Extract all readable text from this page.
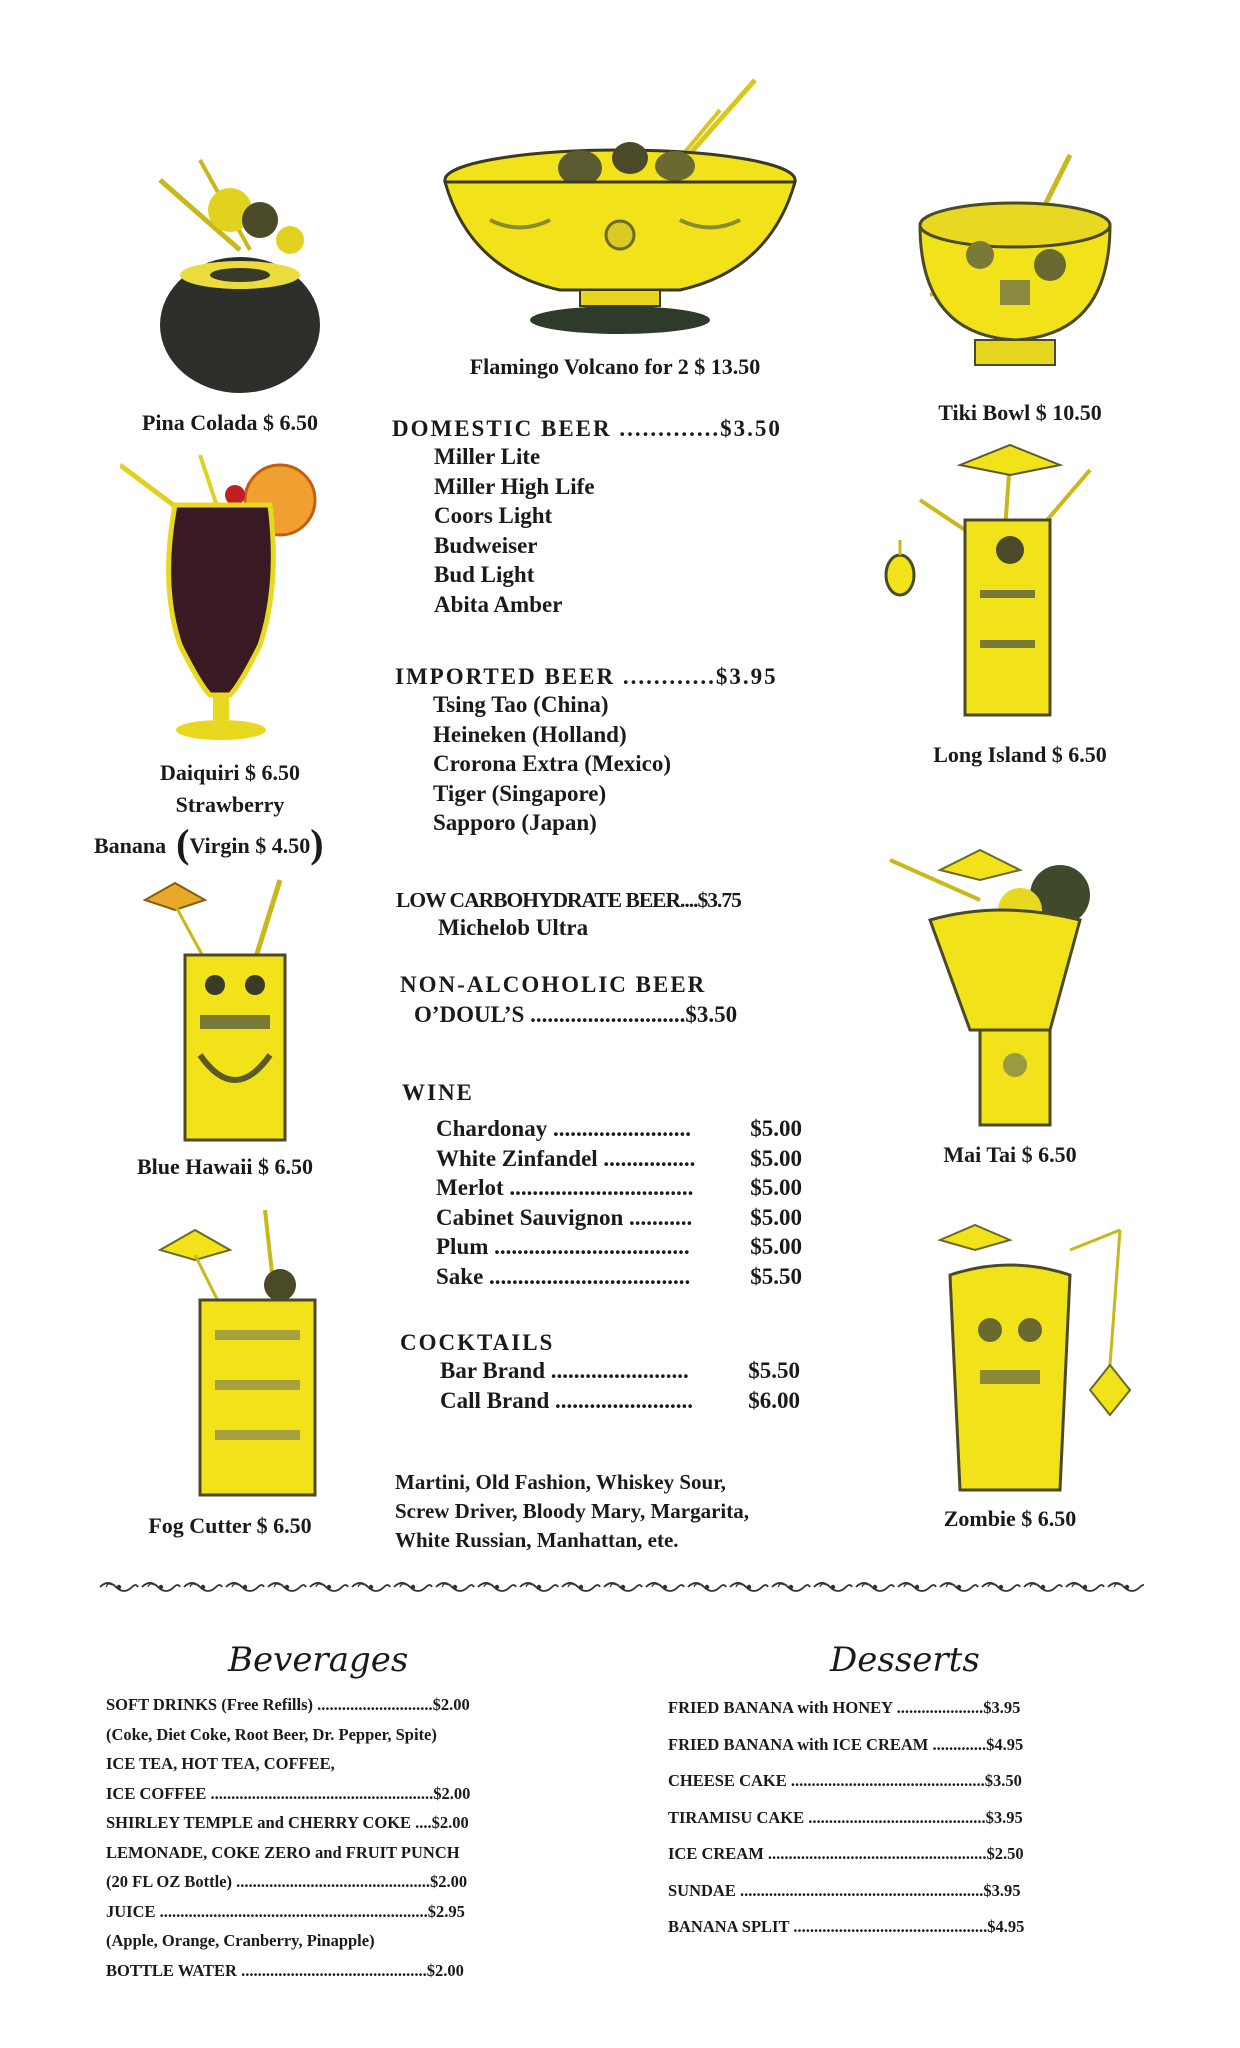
Flamingo Volcano for 2 $ 13.50
Pina Colada $ 6.50	Tiki Bowl $ 10.50
Daiquiri $ 6.50
Strawberry
Banana (Virgin $ 4.50)
Long Island $ 6.50
Blue Hawaii $ 6.50	Mai Tai $ 6.50
Fog Cutter $ 6.50	Zombie $ 6.50
DOMESTIC BEER .............$3.50
Miller Lite
Miller High Life
Coors Light
Budweiser
Bud Light
Abita Amber
IMPORTED BEER ............$3.95
Tsing Tao (China)
Heineken (Holland)
Crorona Extra (Mexico)
Tiger (Singapore)
Sapporo (Japan)
LOW CARBOHYDRATE BEER....$3.75
Michelob Ultra
NON-ALCOHOLIC BEER
O’DOUL’S ...........................$3.50
WINE
Chardonay ........................	$5.00
White Zinfandel ................ $5.00
Merlot ................................ $5.00
Cabinet Sauvignon ...........	$5.00
Plum ..................................	$5.00
Sake ...................................	$5.50
COCKTAILS
Bar Brand ........................	$5.50
Call Brand ........................ $6.00
Martini, Old Fashion, Whiskey Sour,
Screw Driver, Bloody Mary, Margarita,
White Russian, Manhattan, ete.
Beverages
SOFT DRINKS (Free Refills) ............................$2.00
(Coke, Diet Coke, Root Beer, Dr. Pepper, Spite)
ICE TEA, HOT TEA, COFFEE,
ICE COFFEE ......................................................$2.00
SHIRLEY TEMPLE and CHERRY COKE ....$2.00
LEMONADE, COKE ZERO and FRUIT PUNCH
(20 FL OZ Bottle) ...............................................$2.00
JUICE .................................................................$2.95
(Apple, Orange, Cranberry, Pinapple)
BOTTLE WATER .............................................$2.00
Desserts
FRIED BANANA with HONEY .....................$3.95
FRIED BANANA with ICE CREAM .............$4.95
CHEESE CAKE ...............................................$3.50
TIRAMISU CAKE ...........................................$3.95
ICE CREAM .....................................................$2.50
SUNDAE ...........................................................$3.95
BANANA SPLIT ...............................................$4.95
